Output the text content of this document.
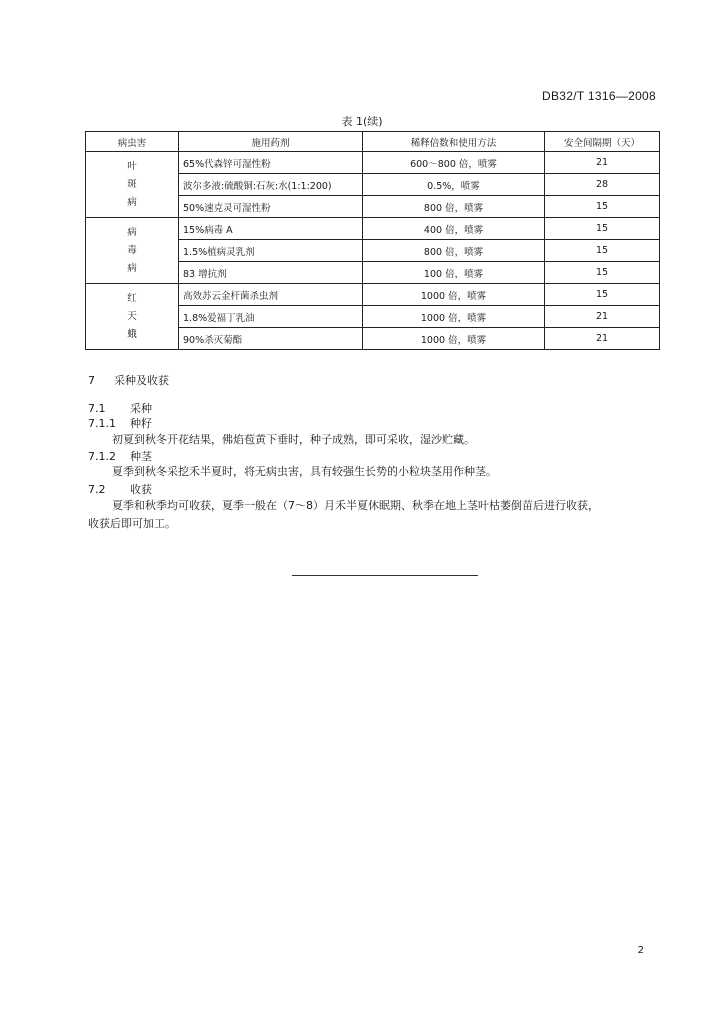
DB32/T 1316—2008
表 1(续)
病虫害	施用药剂	稀释倍数和使用方法	安全间隔期（天）

叶
斑
病	65%代森锌可湿性粉	600～800 倍，喷雾	21
	波尔多液:硫酸铜:石灰:水(1:1:200)	0.5%，喷雾	28
	50%速克灵可湿性粉	800 倍，喷雾	15

病
毒
病	15%病毒 A	400 倍，喷雾	15
	1.5%植病灵乳剂	800 倍，喷雾	15
	83 增抗剂	100 倍，喷雾	15

红
天
蛾	高效苏云金杆菌杀虫剂	1000 倍，喷雾	15
	1.8%爱福丁乳油	1000 倍，喷雾	21
	90%杀灭菊酯	1000 倍，喷雾	21
7 采种及收获
7.1 采种
7.1.1 种籽
初夏到秋冬开花结果，佛焰苞黄下垂时，种子成熟，即可采收，湿沙贮藏。
7.1.2 种茎
夏季到秋冬采挖禾半夏时，将无病虫害，具有较强生长势的小粒块茎用作种茎。
7.2 收获
夏季和秋季均可收获，夏季一般在（7～8）月禾半夏休眠期、秋季在地上茎叶枯萎倒苗后进行收获，
收获后即可加工。
2
